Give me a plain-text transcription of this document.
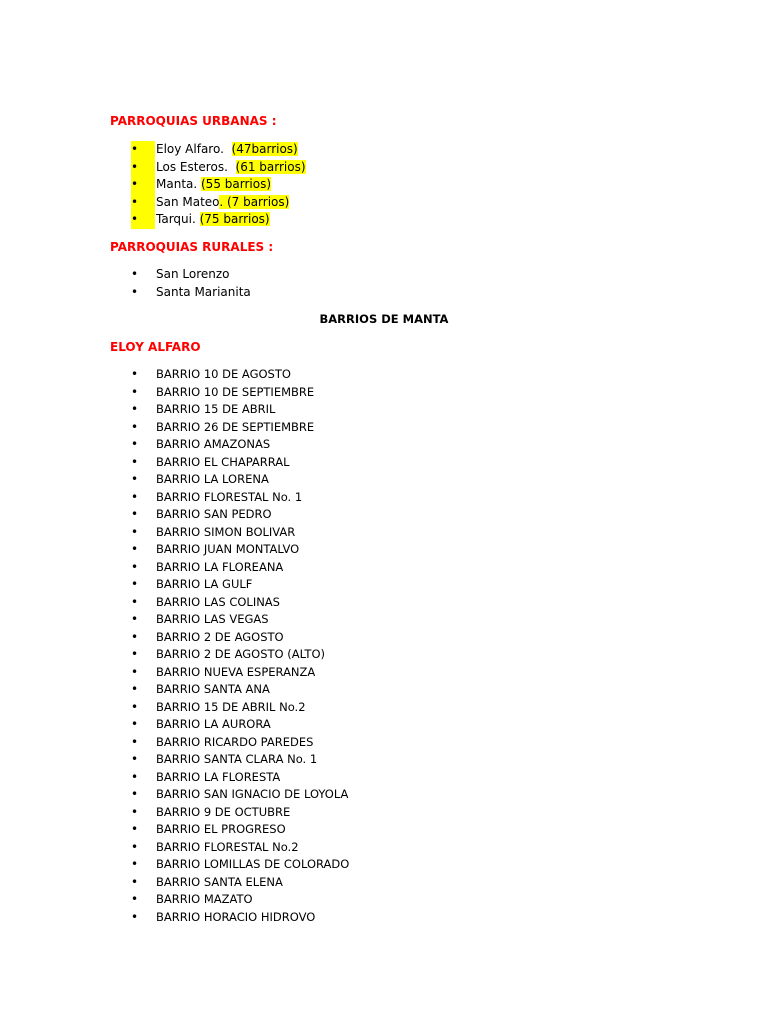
PARROQUIAS URBANAS :
•	Eloy Alfaro.  (47barrios)
•	Los Esteros.  (61 barrios)
•	Manta. (55 barrios)
•	San Mateo. (7 barrios)
•	Tarqui. (75 barrios)
PARROQUIAS RURALES :
•	San Lorenzo
•	Santa Marianita
BARRIOS DE MANTA
ELOY ALFARO
•	BARRIO 10 DE AGOSTO
•	BARRIO 10 DE SEPTIEMBRE
•	BARRIO 15 DE ABRIL
•	BARRIO 26 DE SEPTIEMBRE
•	BARRIO AMAZONAS
•	BARRIO EL CHAPARRAL
•	BARRIO LA LORENA
•	BARRIO FLORESTAL No. 1
•	BARRIO SAN PEDRO
•	BARRIO SIMON BOLIVAR
•	BARRIO JUAN MONTALVO
•	BARRIO LA FLOREANA
•	BARRIO LA GULF
•	BARRIO LAS COLINAS
•	BARRIO LAS VEGAS
•	BARRIO 2 DE AGOSTO
•	BARRIO 2 DE AGOSTO (ALTO)
•	BARRIO NUEVA ESPERANZA
•	BARRIO SANTA ANA
•	BARRIO 15 DE ABRIL No.2
•	BARRIO LA AURORA
•	BARRIO RICARDO PAREDES
•	BARRIO SANTA CLARA No. 1
•	BARRIO LA FLORESTA
•	BARRIO SAN IGNACIO DE LOYOLA
•	BARRIO 9 DE OCTUBRE
•	BARRIO EL PROGRESO
•	BARRIO FLORESTAL No.2
•	BARRIO LOMILLAS DE COLORADO
•	BARRIO SANTA ELENA
•	BARRIO MAZATO
•	BARRIO HORACIO HIDROVO
